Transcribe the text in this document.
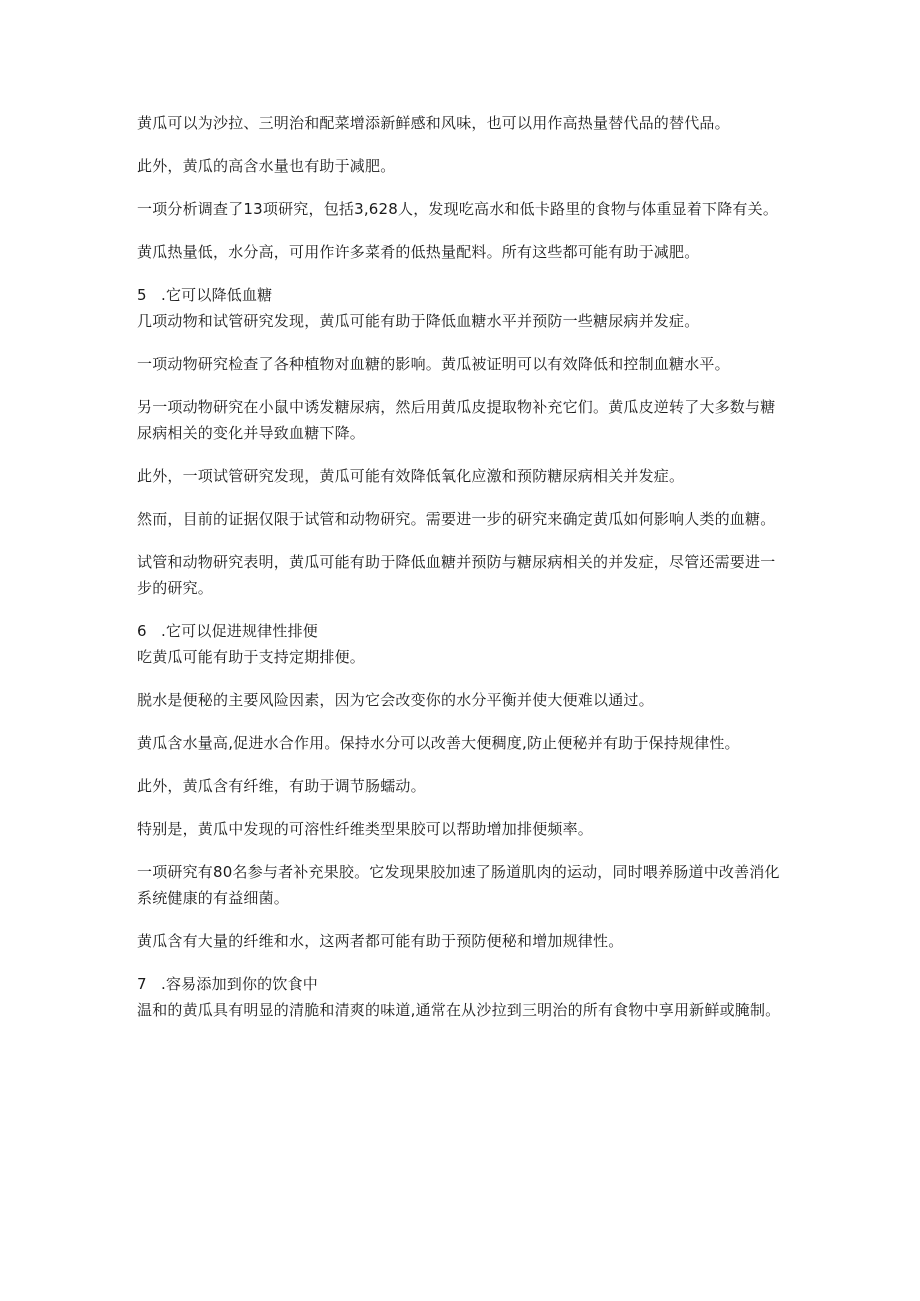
黄瓜可以为沙拉、三明治和配菜增添新鲜感和风味，也可以用作高热量替代品的替代品。

此外，黄瓜的高含水量也有助于减肥。

一项分析调查了13项研究，包括3,628人，发现吃高水和低卡路里的食物与体重显着下降有关。

黄瓜热量低，水分高，可用作许多菜肴的低热量配料。所有这些都可能有助于减肥。

5 .它可以降低血糖

几项动物和试管研究发现，黄瓜可能有助于降低血糖水平并预防一些糖尿病并发症。

一项动物研究检查了各种植物对血糖的影响。黄瓜被证明可以有效降低和控制血糖水平。

另一项动物研究在小鼠中诱发糖尿病，然后用黄瓜皮提取物补充它们。黄瓜皮逆转了大多数与糖尿病相关的变化并导致血糖下降。

此外，一项试管研究发现，黄瓜可能有效降低氧化应激和预防糖尿病相关并发症。

然而，目前的证据仅限于试管和动物研究。需要进一步的研究来确定黄瓜如何影响人类的血糖。

试管和动物研究表明，黄瓜可能有助于降低血糖并预防与糖尿病相关的并发症，尽管还需要进一步的研究。

6 .它可以促进规律性排便

吃黄瓜可能有助于支持定期排便。

脱水是便秘的主要风险因素，因为它会改变你的水分平衡并使大便难以通过。

黄瓜含水量高,促进水合作用。保持水分可以改善大便稠度,防止便秘并有助于保持规律性。

此外，黄瓜含有纤维，有助于调节肠蠕动。

特别是，黄瓜中发现的可溶性纤维类型果胶可以帮助增加排便频率。

一项研究有80名参与者补充果胶。它发现果胶加速了肠道肌肉的运动，同时喂养肠道中改善消化系统健康的有益细菌。

黄瓜含有大量的纤维和水，这两者都可能有助于预防便秘和增加规律性。

7 .容易添加到你的饮食中

温和的黄瓜具有明显的清脆和清爽的味道,通常在从沙拉到三明治的所有食物中享用新鲜或腌制。
